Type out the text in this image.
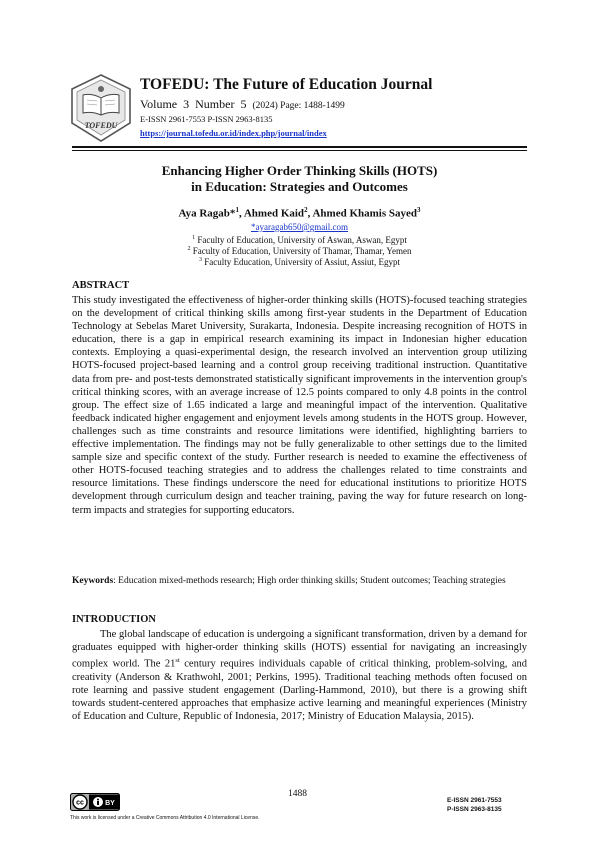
TOFEDU
TOFEDU: The Future of Education Journal
Volume 3 Number 5 (2024) Page: 1488-1499
E-ISSN 2961-7553 P-ISSN 2963-8135
https://journal.tofedu.or.id/index.php/journal/index
Enhancing Higher Order Thinking Skills (HOTS)
in Education: Strategies and Outcomes
Aya Ragab*$^1$, Ahmed Kaid$^2$, Ahmed Khamis Sayed$^3$
*ayaragab650@gmail.com
$^1$ Faculty of Education, University of Aswan, Aswan, Egypt
$^2$ Faculty of Education, University of Thamar, Thamar, Yemen
$^3$ Faculty Education, University of Assiut, Assiut, Egypt
ABSTRACT
This study investigated the effectiveness of higher-order thinking skills (HOTS)-focused teaching strategies on the development of critical thinking skills among first-year students in the Department of Education Technology at Sebelas Maret University, Surakarta, Indonesia. Despite increasing recognition of HOTS in education, there is a gap in empirical research examining its impact in Indonesian higher education contexts. Employing a quasi-experimental design, the research involved an intervention group utilizing HOTS-focused project-based learning and a control group receiving traditional instruction. Quantitative data from pre- and post-tests demonstrated statistically significant improvements in the intervention group's critical thinking scores, with an average increase of 12.5 points compared to only 4.8 points in the control group. The effect size of 1.65 indicated a large and meaningful impact of the intervention. Qualitative feedback indicated higher engagement and enjoyment levels among students in the HOTS group. However, challenges such as time constraints and resource limitations were identified, highlighting barriers to effective implementation. The findings may not be fully generalizable to other settings due to the limited sample size and specific context of the study. Further research is needed to examine the effectiveness of other HOTS-focused teaching strategies and to address the challenges related to time constraints and resource limitations. These findings underscore the need for educational institutions to prioritize HOTS development through curriculum design and teacher training, paving the way for future research on long-term impacts and strategies for supporting educators.
Keywords: Education mixed-methods research; High order thinking skills; Student outcomes; Teaching strategies
INTRODUCTION
The global landscape of education is undergoing a significant transformation, driven by a demand for graduates equipped with higher-order thinking skills (HOTS) essential for navigating an increasingly complex world. The 21st century requires individuals capable of critical thinking, problem-solving, and creativity (Anderson & Krathwohl, 2001; Perkins, 1995). Traditional teaching methods often focused on rote learning and passive student engagement (Darling-Hammond, 2010), but there is a growing shift towards student-centered approaches that emphasize active learning and meaningful experiences (Ministry of Education and Culture, Republic of Indonesia, 2017; Ministry of Education Malaysia, 2015).
1488
cc	BY
This work is licensed under a Creative Commons Attribution 4.0 International License.
E-ISSN 2961-7553
P-ISSN 2963-8135
